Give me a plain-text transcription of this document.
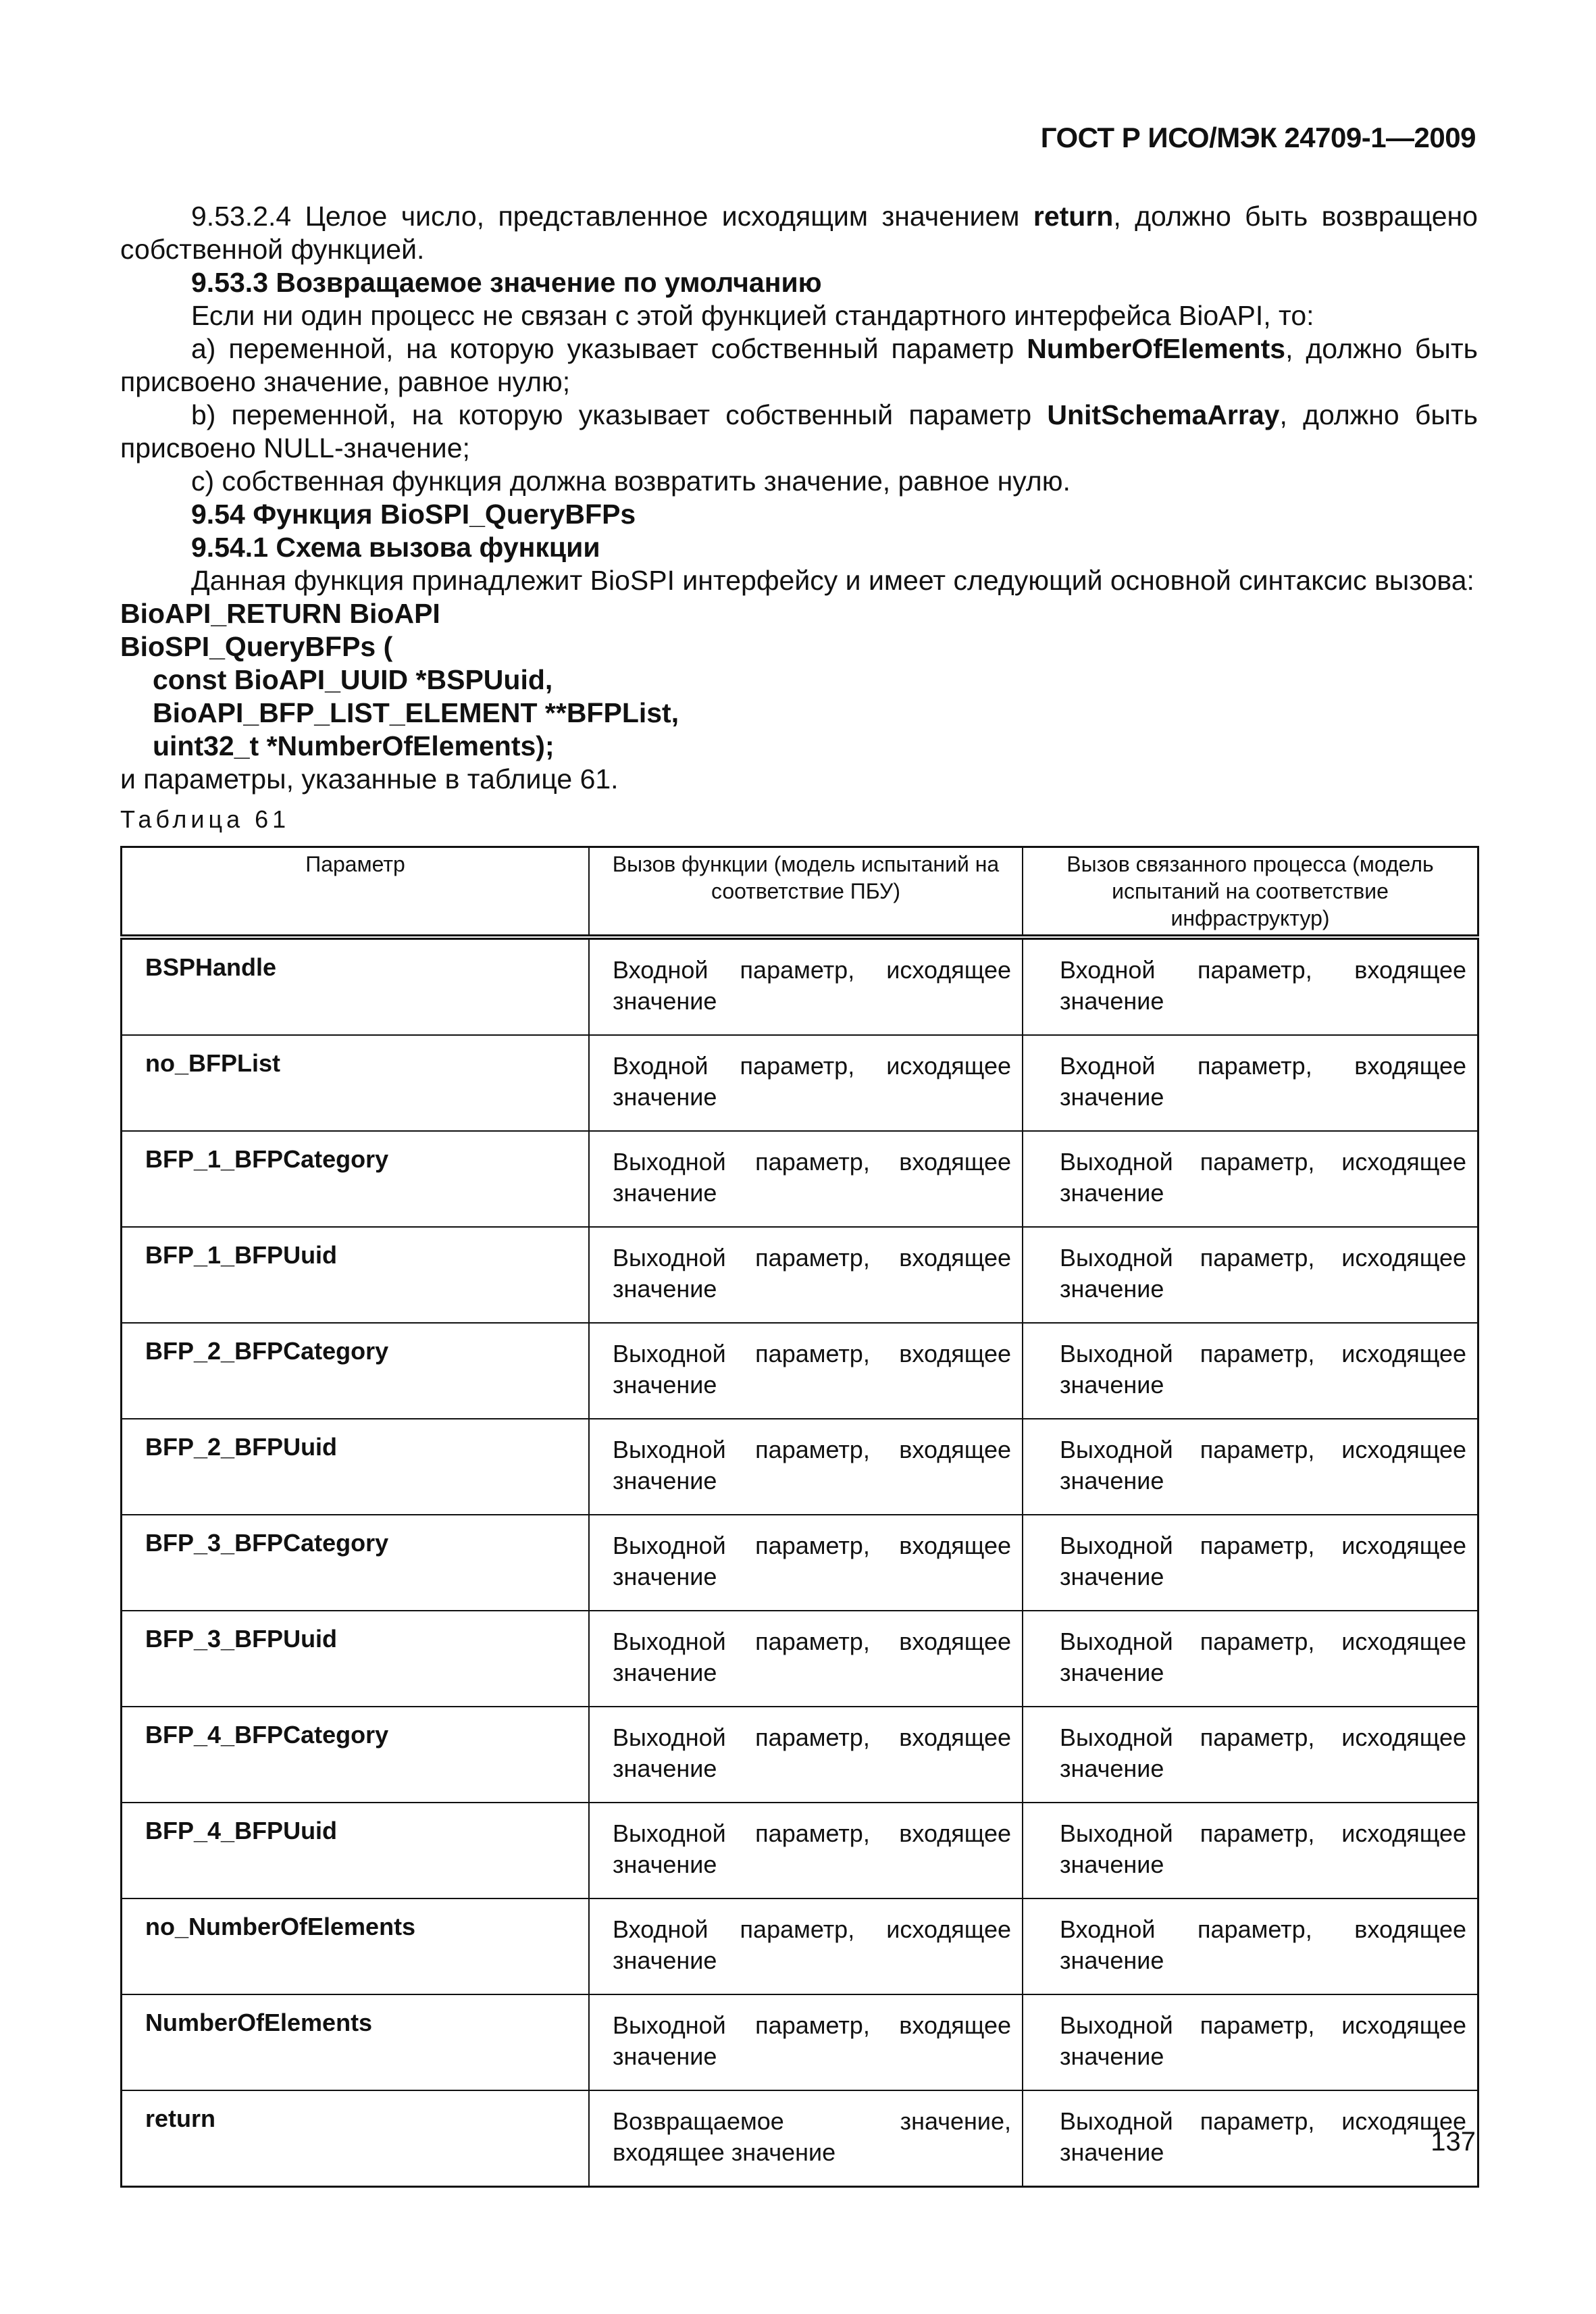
ГОСТ Р ИСО/МЭК 24709-1—2009

9.53.2.4 Целое число, представленное исходящим значением return, должно быть возвращено собственной функцией.

9.53.3 Возвращаемое значение по умолчанию

Если ни один процесс не связан с этой функцией стандартного интерфейса BioAPI, то:

a) переменной, на которую указывает собственный параметр NumberOfElements, должно быть присвоено значение, равное нулю;

b) переменной, на которую указывает собственный параметр UnitSchemaArray, должно быть присвоено NULL-значение;

c) собственная функция должна возвратить значение, равное нулю.

9.54 Функция BioSPI_QueryBFPs

9.54.1 Схема вызова функции

Данная функция принадлежит BioSPI интерфейсу и имеет следующий основной синтаксис вызова:

BioAPI_RETURN BioAPI

BioSPI_QueryBFPs (

const BioAPI_UUID *BSPUuid,

BioAPI_BFP_LIST_ELEMENT **BFPList,

uint32_t *NumberOfElements);

и параметры, указанные в таблице 61.

Таблица 61

Параметр	Вызов функции (модель испытаний на соответствие ПБУ)	Вызов связанного процесса (модель испытаний на соответствие инфраструктур)
BSPHandle	Входной параметр, исходящее значение	Входной параметр, входящее значение
no_BFPList	Входной параметр, исходящее значение	Входной параметр, входящее значение
BFP_1_BFPCategory	Выходной параметр, входящее значение	Выходной параметр, исходящее значение
BFP_1_BFPUuid	Выходной параметр, входящее значение	Выходной параметр, исходящее значение
BFP_2_BFPCategory	Выходной параметр, входящее значение	Выходной параметр, исходящее значение
BFP_2_BFPUuid	Выходной параметр, входящее значение	Выходной параметр, исходящее значение
BFP_3_BFPCategory	Выходной параметр, входящее значение	Выходной параметр, исходящее значение
BFP_3_BFPUuid	Выходной параметр, входящее значение	Выходной параметр, исходящее значение
BFP_4_BFPCategory	Выходной параметр, входящее значение	Выходной параметр, исходящее значение
BFP_4_BFPUuid	Выходной параметр, входящее значение	Выходной параметр, исходящее значение
no_NumberOfElements	Входной параметр, исходящее значение	Входной параметр, входящее значение
NumberOfElements	Выходной параметр, входящее значение	Выходной параметр, исходящее значение
return	Возвращаемое значение, входящее значение	Выходной параметр, исходящее значение	137
